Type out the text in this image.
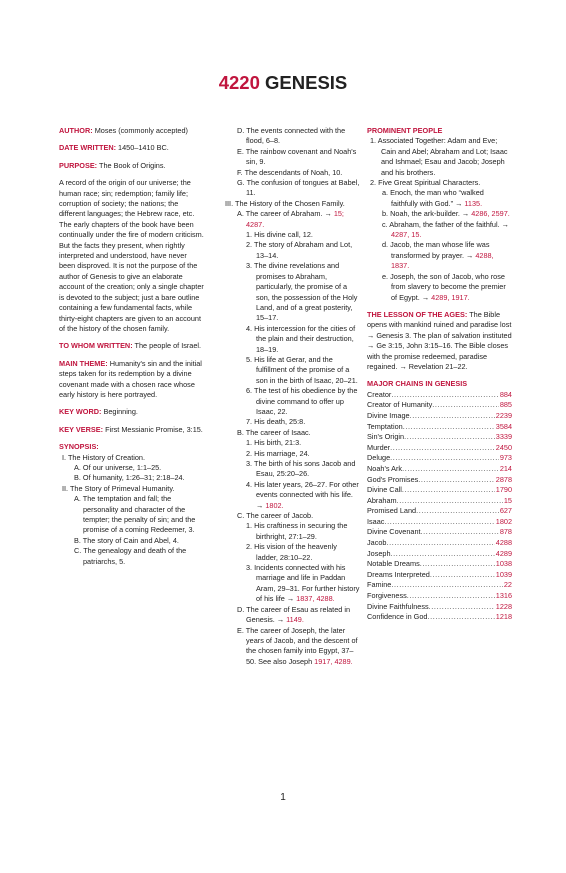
4220 GENESIS

AUTHOR: Moses (commonly accepted)

DATE WRITTEN: 1450–1410 BC.

PURPOSE: The Book of Origins.

A record of the origin of our universe; the human race; sin; redemption; family life; corruption of society; the nations; the different languages; the Hebrew race, etc. The early chapters of the book have been continually under the fire of modern criticism. But the facts they present, when rightly interpreted and understood, have never been disproved. It is not the purpose of the author of Genesis to give an elaborate account of the creation; only a single chapter is devoted to the subject; just a bare outline containing a few fundamental facts, while thirty-eight chapters are given to an account of the history of the chosen family.

TO WHOM WRITTEN: The people of Israel.

MAIN THEME: Humanity's sin and the initial steps taken for its redemption by a divine covenant made with a chosen race whose early history is here portrayed.

KEY WORD: Beginning.

KEY VERSE: First Messianic Promise, 3:15.

SYNOPSIS:
I. The History of Creation.
A. Of our universe, 1:1–25.
B. Of humanity, 1:26–31; 2:18–24.
II. The Story of Primeval Humanity.
A. The temptation and fall; the personality and character of the tempter; the penalty of sin; and the promise of a coming Redeemer, 3.
B. The story of Cain and Abel, 4.
C. The genealogy and death of the patriarchs, 5.
D. The events connected with the flood, 6–8.
E. The rainbow covenant and Noah's sin, 9.
F. The descendants of Noah, 10.
G. The confusion of tongues at Babel, 11.
III. The History of the Chosen Family.
A. The career of Abraham. → 15; 4287.
1. His divine call, 12.
2. The story of Abraham and Lot, 13–14.
3. The divine revelations and promises to Abraham, particularly, the promise of a son, the possession of the Holy Land, and of a great posterity, 15–17.
4. His intercession for the cities of the plain and their destruction, 18–19.
5. His life at Gerar, and the fulfillment of the promise of a son in the birth of Isaac, 20–21.
6. The test of his obedience by the divine command to offer up Isaac, 22.
7. His death, 25:8.
B. The career of Isaac.
1. His birth, 21:3.
2. His marriage, 24.
3. The birth of his sons Jacob and Esau, 25:20–26.
4. His later years, 26–27. For other events connected with his life. → 1802.
C. The career of Jacob.
1. His craftiness in securing the birthright, 27:1–29.
2. His vision of the heavenly ladder, 28:10–22.
3. Incidents connected with his marriage and life in Paddan Aram, 29–31. For further history of his life → 1837, 4288.
D. The career of Esau as related in Genesis. → 1149.
E. The career of Joseph, the later years of Jacob, and the descent of the chosen family into Egypt, 37–50. See also Joseph 1917, 4289.
PROMINENT PEOPLE
1. Associated Together: Adam and Eve; Cain and Abel; Abraham and Lot; Isaac and Ishmael; Esau and Jacob; Joseph and his brothers.
2. Five Great Spiritual Characters.
a. Enoch, the man who “walked faithfully with God.” → 1135.
b. Noah, the ark-builder. → 4286, 2597.
c. Abraham, the father of the faithful. → 4287, 15.
d. Jacob, the man whose life was transformed by prayer. → 4288, 1837.
e. Joseph, the son of Jacob, who rose from slavery to become the premier of Egypt. → 4289, 1917.

THE LESSON OF THE AGES: The Bible opens with mankind ruined and paradise lost → Genesis 3. The plan of salvation instituted → Ge 3:15, John 3:15–16. The Bible closes with the promise redeemed, paradise regained. → Revelation 21–22.

MAJOR CHAINS IN GENESIS
Creator .....	884
Creator of Humanity .....	885
Divine Image .....	2239
Temptation .....	3584
Sin's Origin .....	3339
Murder .....	2450
Deluge .....	973
Noah's Ark .....	214
God's Promises .....	2878
Divine Call .....	1790
Abraham .....	15
Promised Land .....	627
Isaac .....	1802
Divine Covenant .....	878
Jacob .....	4288
Joseph .....	4289
Notable Dreams .....	1038
Dreams Interpreted .....	1039
Famine .....	22
Forgiveness .....	1316
Divine Faithfulness .....	1228
Confidence in God .....	1218
1
